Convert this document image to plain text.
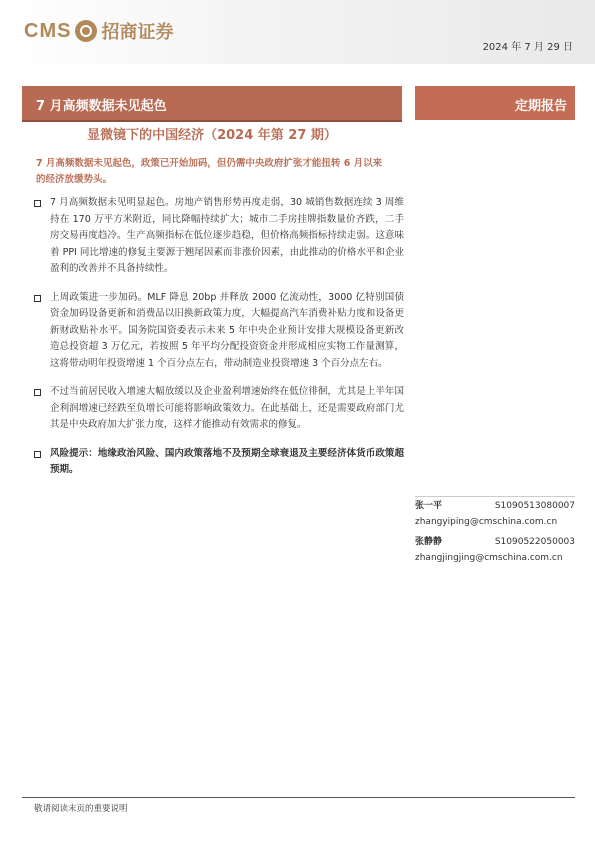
CMS 招商证券
2024 年 7 月 29 日
7 月高频数据未见起色	定期报告
显微镜下的中国经济（2024 年第 27 期）
7 月高频数据未见起色，政策已开始加码，但仍需中央政府扩张才能扭转 6 月以来的经济放缓势头。
7 月高频数据未见明显起色。房地产销售形势再度走弱，30 城销售数据连续 3 周维持在 170 万平方米附近，同比降幅持续扩大；城市二手房挂牌指数量价齐跌，二手房交易再度趋冷。生产高频指标在低位逐步趋稳，但价格高频指标持续走弱。这意味着 PPI 同比增速的修复主要源于翘尾因素而非涨价因素，由此推动的价格水平和企业盈利的改善并不具备持续性。
上周政策进一步加码。MLF 降息 20bp 并释放 2000 亿流动性，3000 亿特别国债资金加码设备更新和消费品以旧换新政策力度，大幅提高汽车消费补贴力度和设备更新财政贴补水平。国务院国资委表示未来 5 年中央企业预计安排大规模设备更新改造总投资超 3 万亿元，若按照 5 年平均分配投资资金并形成相应实物工作量测算，这将带动明年投资增速 1 个百分点左右，带动制造业投资增速 3 个百分点左右。
不过当前居民收入增速大幅放缓以及企业盈利增速始终在低位徘徊，尤其是上半年国企利润增速已经跌至负增长可能将影响政策效力。在此基础上，还是需要政府部门尤其是中央政府加大扩张力度，这样才能推动有效需求的修复。
风险提示：地缘政治风险、国内政策落地不及预期全球衰退及主要经济体货币政策超预期。
张一平	S1090513080007
zhangyiping@cmschina.com.cn
张静静	S1090522050003
zhangjingjing@cmschina.com.cn
敬请阅读末页的重要说明
